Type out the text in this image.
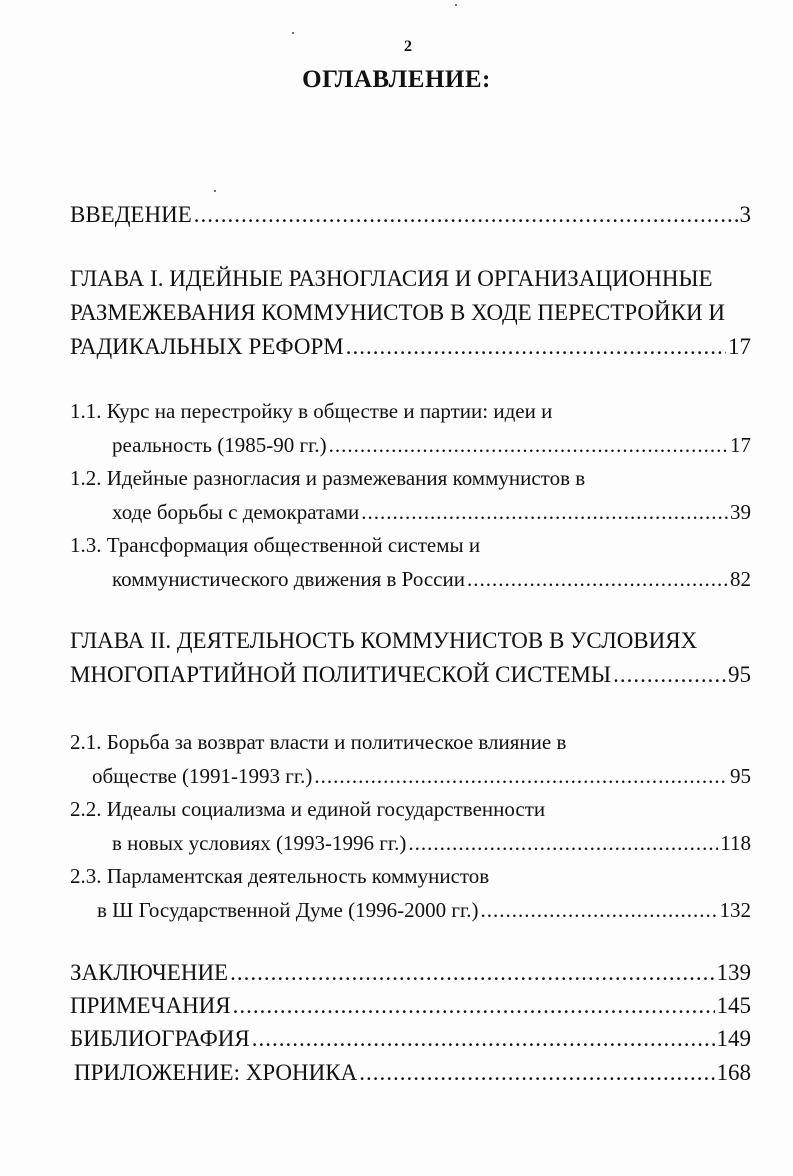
2
ОГЛАВЛЕНИЕ:
ВВЕДЕНИЕ .....	3
ГЛАВА I. ИДЕЙНЫЕ РАЗНОГЛАСИЯ И ОРГАНИЗАЦИОННЫЕ
РАЗМЕЖЕВАНИЯ КОММУНИСТОВ В ХОДЕ ПЕРЕСТРОЙКИ И
РАДИКАЛЬНЫХ РЕФОРМ .....	17
1.1. Курс на перестройку в обществе и партии: идеи и
реальность (1985-90 гг.) .....	17
1.2. Идейные разногласия и размежевания коммунистов в
ходе борьбы с демократами .....	39
1.3. Трансформация общественной системы и
коммунистического движения в России .....	82
ГЛАВА II. ДЕЯТЕЛЬНОСТЬ КОММУНИСТОВ В УСЛОВИЯХ
МНОГОПАРТИЙНОЙ ПОЛИТИЧЕСКОЙ СИСТЕМЫ .....	95
2.1. Борьба за возврат власти и политическое влияние в
обществе (1991-1993 гг.) .....	95
2.2. Идеалы социализма и единой государственности
в новых условиях (1993-1996 гг.) .....	118
2.3. Парламентская деятельность коммунистов
в Ш Государственной Думе (1996-2000 гг.) .....	132
ЗАКЛЮЧЕНИЕ .....	139
ПРИМЕЧАНИЯ .....	145
БИБЛИОГРАФИЯ .....	149
ПРИЛОЖЕНИЕ: ХРОНИКА .....	168
